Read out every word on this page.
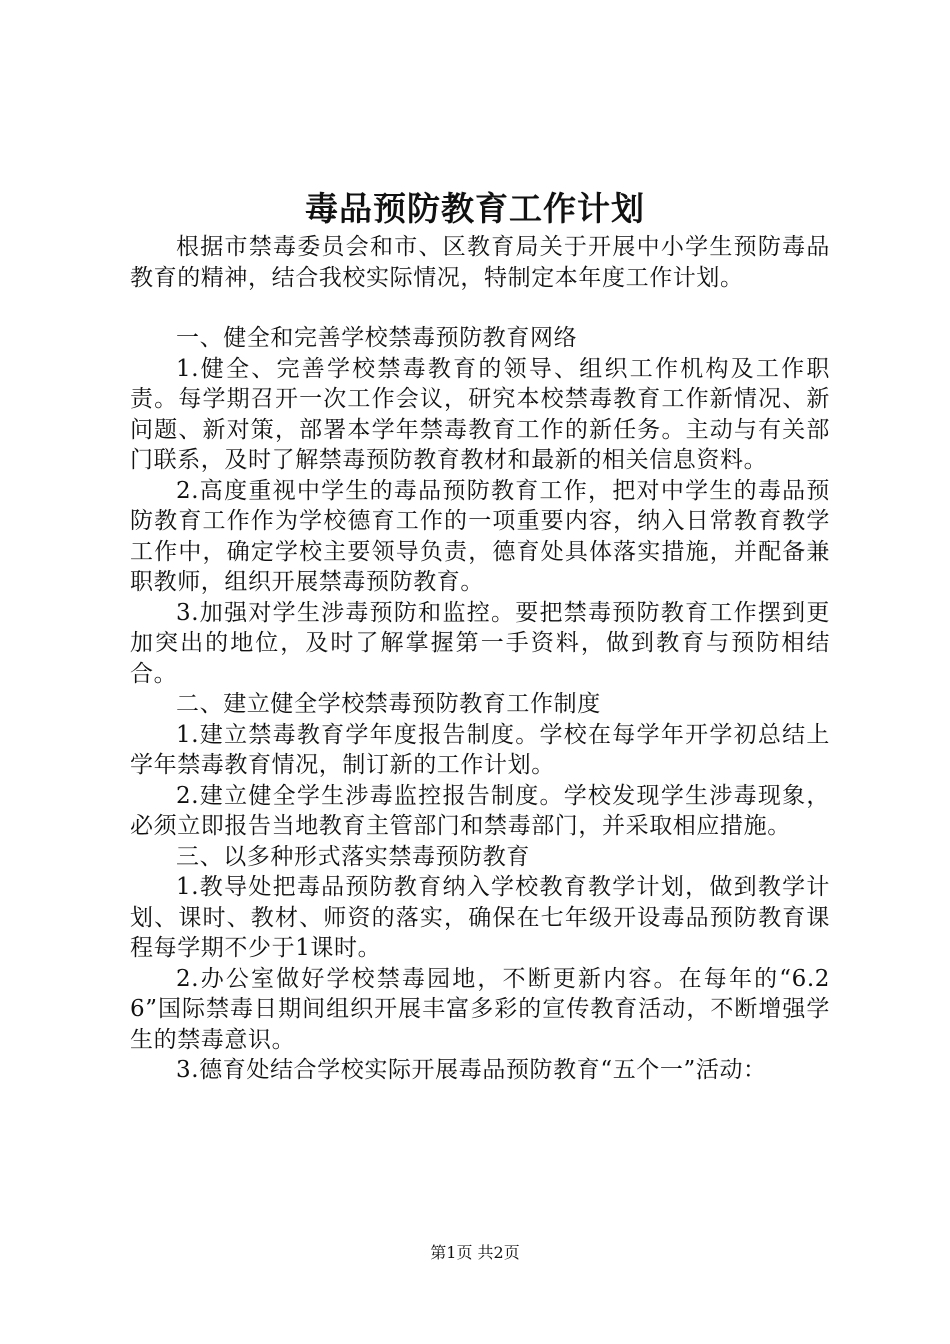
毒品预防教育工作计划

根据市禁毒委员会和市、区教育局关于开展中小学生预防毒品教育的精神，结合我校实际情况，特制定本年度工作计划。

一、健全和完善学校禁毒预防教育网络

1.健全、完善学校禁毒教育的领导、组织工作机构及工作职责。每学期召开一次工作会议，研究本校禁毒教育工作新情况、新问题、新对策，部署本学年禁毒教育工作的新任务。主动与有关部门联系，及时了解禁毒预防教育教材和最新的相关信息资料。

2.高度重视中学生的毒品预防教育工作，把对中学生的毒品预防教育工作作为学校德育工作的一项重要内容，纳入日常教育教学工作中，确定学校主要领导负责，德育处具体落实措施，并配备兼职教师，组织开展禁毒预防教育。

3.加强对学生涉毒预防和监控。要把禁毒预防教育工作摆到更加突出的地位，及时了解掌握第一手资料，做到教育与预防相结合。

二、建立健全学校禁毒预防教育工作制度

1.建立禁毒教育学年度报告制度。学校在每学年开学初总结上学年禁毒教育情况，制订新的工作计划。

2.建立健全学生涉毒监控报告制度。学校发现学生涉毒现象，必须立即报告当地教育主管部门和禁毒部门，并采取相应措施。

三、以多种形式落实禁毒预防教育

1.教导处把毒品预防教育纳入学校教育教学计划，做到教学计划、课时、教材、师资的落实，确保在七年级开设毒品预防教育课程每学期不少于1课时。

2.办公室做好学校禁毒园地，不断更新内容。在每年的“6.26”国际禁毒日期间组织开展丰富多彩的宣传教育活动，不断增强学生的禁毒意识。

3.德育处结合学校实际开展毒品预防教育“五个一”活动：

第1页 共2页
